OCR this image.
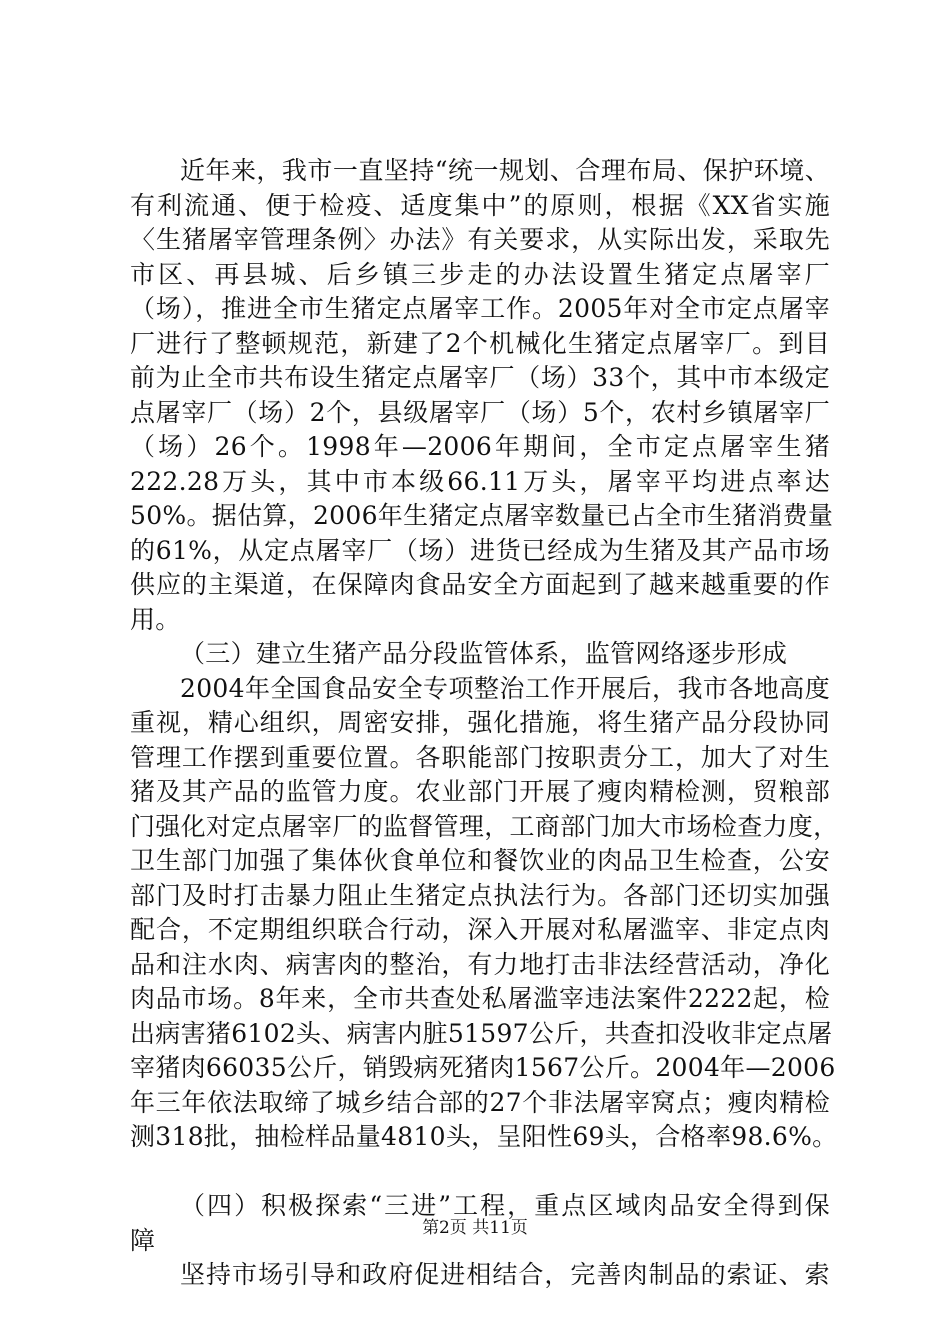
近年来，我市一直坚持“统一规划、合理布局、保护环境、
有利流通、便于检疫、适度集中”的原则，根据《XX省实施
〈生猪屠宰管理条例〉办法》有关要求，从实际出发，采取先
市区、再县城、后乡镇三步走的办法设置生猪定点屠宰厂
（场），推进全市生猪定点屠宰工作。2005年对全市定点屠宰
厂进行了整顿规范，新建了2个机械化生猪定点屠宰厂。到目
前为止全市共布设生猪定点屠宰厂（场）33个，其中市本级定
点屠宰厂（场）2个，县级屠宰厂（场）5个，农村乡镇屠宰厂
（场）26个。1998年—2006年期间，全市定点屠宰生猪
222.28万头，其中市本级66.11万头，屠宰平均进点率达
50%。据估算，2006年生猪定点屠宰数量已占全市生猪消费量
的61%，从定点屠宰厂（场）进货已经成为生猪及其产品市场
供应的主渠道，在保障肉食品安全方面起到了越来越重要的作
用。
（三）建立生猪产品分段监管体系，监管网络逐步形成
2004年全国食品安全专项整治工作开展后，我市各地高度
重视，精心组织，周密安排，强化措施，将生猪产品分段协同
管理工作摆到重要位置。各职能部门按职责分工，加大了对生
猪及其产品的监管力度。农业部门开展了瘦肉精检测，贸粮部
门强化对定点屠宰厂的监督管理，工商部门加大市场检查力度，
卫生部门加强了集体伙食单位和餐饮业的肉品卫生检查，公安
部门及时打击暴力阻止生猪定点执法行为。各部门还切实加强
配合，不定期组织联合行动，深入开展对私屠滥宰、非定点肉
品和注水肉、病害肉的整治，有力地打击非法经营活动，净化
肉品市场。8年来，全市共查处私屠滥宰违法案件2222起，检
出病害猪6102头、病害内脏51597公斤，共查扣没收非定点屠
宰猪肉66035公斤，销毁病死猪肉1567公斤。2004年—2006
年三年依法取缔了城乡结合部的27个非法屠宰窝点；瘦肉精检
测318批，抽检样品量4810头，呈阳性69头，合格率98.6%。
（四）积极探索“三进”工程，重点区域肉品安全得到保
障
坚持市场引导和政府促进相结合，完善肉制品的索证、索
第2页 共11页
